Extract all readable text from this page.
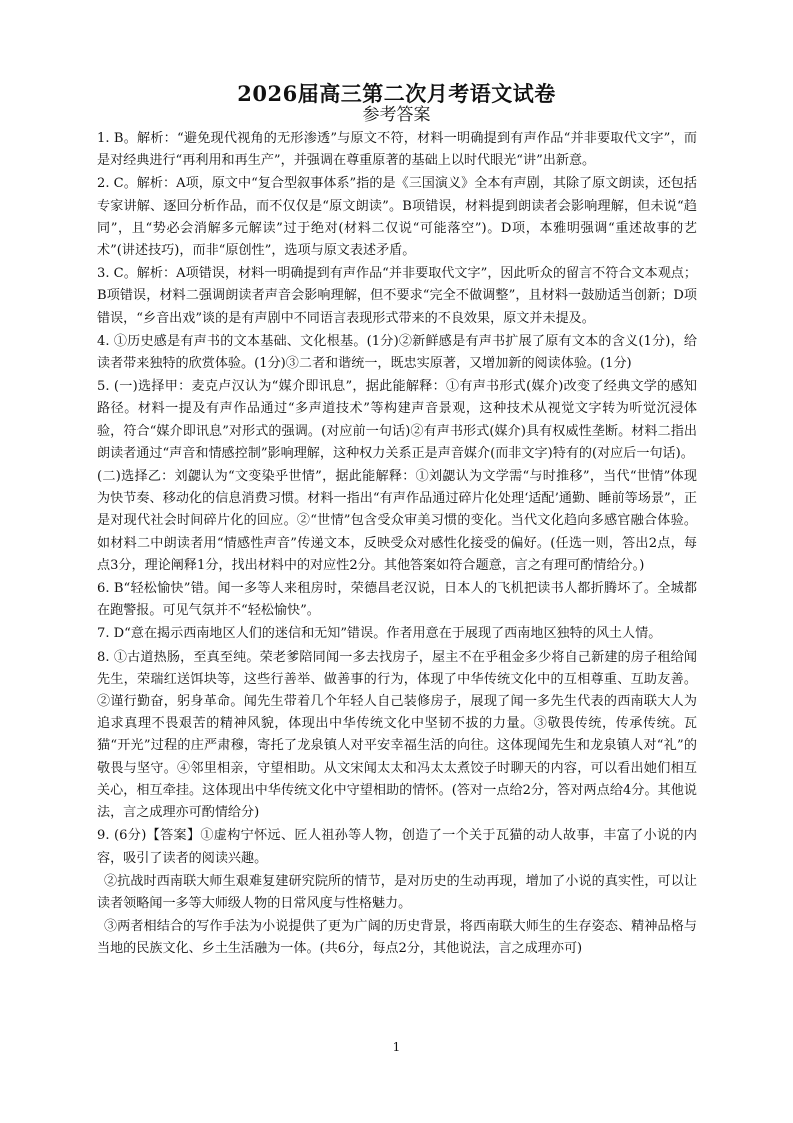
2026届高三第二次月考语文试卷
参考答案

1. B。解析：“避免现代视角的无形渗透”与原文不符，材料一明确提到有声作品“并非要取代文字”，而是对经典进行“再利用和再生产”，并强调在尊重原著的基础上以时代眼光“讲”出新意。

2. C。解析：A项，原文中“复合型叙事体系”指的是《三国演义》全本有声剧，其除了原文朗读，还包括专家讲解、逐回分析作品，而不仅仅是“原文朗读”。B项错误，材料提到朗读者会影响理解，但未说“趋同”，且“势必会消解多元解读”过于绝对(材料二仅说“可能落空”)。D项，本雅明强调“重述故事的艺术”(讲述技巧)，而非“原创性”，选项与原文表述矛盾。

3. C。解析：A项错误，材料一明确提到有声作品“并非要取代文字”，因此听众的留言不符合文本观点；B项错误，材料二强调朗读者声音会影响理解，但不要求“完全不做调整”，且材料一鼓励适当创新；D项错误，“乡音出戏”谈的是有声剧中不同语言表现形式带来的不良效果，原文并未提及。

4. ①历史感是有声书的文本基础、文化根基。(1分)②新鲜感是有声书扩展了原有文本的含义(1分)，给读者带来独特的欣赏体验。(1分)③二者和谐统一，既忠实原著，又增加新的阅读体验。(1分)

5. (一)选择甲：麦克卢汉认为“媒介即讯息”，据此能解释：①有声书形式(媒介)改变了经典文学的感知路径。材料一提及有声作品通过“多声道技术”等构建声音景观，这种技术从视觉文字转为听觉沉浸体验，符合“媒介即讯息”对形式的强调。(对应前一句话)②有声书形式(媒介)具有权威性垄断。材料二指出朗读者通过“声音和情感控制”影响理解，这种权力关系正是声音媒介(而非文字)特有的(对应后一句话)。

(二)选择乙：刘勰认为“文变染乎世情”，据此能解释：①刘勰认为文学需“与时推移”，当代“世情”体现为快节奏、移动化的信息消费习惯。材料一指出“有声作品通过碎片化处理‘适配’通勤、睡前等场景”，正是对现代社会时间碎片化的回应。②“世情”包含受众审美习惯的变化。当代文化趋向多感官融合体验。如材料二中朗读者用“情感性声音”传递文本，反映受众对感性化接受的偏好。(任选一则，答出2点，每点3分，理论阐释1分，找出材料中的对应性2分。其他答案如符合题意，言之有理可酌情给分。)

6. B“轻松愉快”错。闻一多等人来租房时，荣德昌老汉说，日本人的飞机把读书人都折腾坏了。全城都在跑警报。可见气氛并不“轻松愉快”。

7. D“意在揭示西南地区人们的迷信和无知”错误。作者用意在于展现了西南地区独特的风土人情。

8. ①古道热肠，至真至纯。荣老爹陪同闻一多去找房子，屋主不在乎租金多少将自己新建的房子租给闻先生，荣瑞红送饵块等，这些行善举、做善事的行为，体现了中华传统文化中的互相尊重、互助友善。②谨行勤奋，躬身革命。闻先生带着几个年轻人自己装修房子，展现了闻一多先生代表的西南联大人为追求真理不畏艰苦的精神风貌，体现出中华传统文化中坚韧不拔的力量。③敬畏传统，传承传统。瓦猫“开光”过程的庄严肃穆，寄托了龙泉镇人对平安幸福生活的向往。这体现闻先生和龙泉镇人对“礼”的敬畏与坚守。④邻里相亲，守望相助。从文宋闻太太和冯太太煮饺子时聊天的内容，可以看出她们相互关心，相互牵挂。这体现出中华传统文化中守望相助的情怀。(答对一点给2分，答对两点给4分。其他说法，言之成理亦可酌情给分)

9. (6分)【答案】①虚构宁怀远、匠人祖孙等人物，创造了一个关于瓦猫的动人故事，丰富了小说的内容，吸引了读者的阅读兴趣。

②抗战时西南联大师生艰难复建研究院所的情节，是对历史的生动再现，增加了小说的真实性，可以让读者领略闻一多等大师级人物的日常风度与性格魅力。

③两者相结合的写作手法为小说提供了更为广阔的历史背景，将西南联大师生的生存姿态、精神品格与当地的民族文化、乡土生活融为一体。(共6分，每点2分，其他说法，言之成理亦可)

1
